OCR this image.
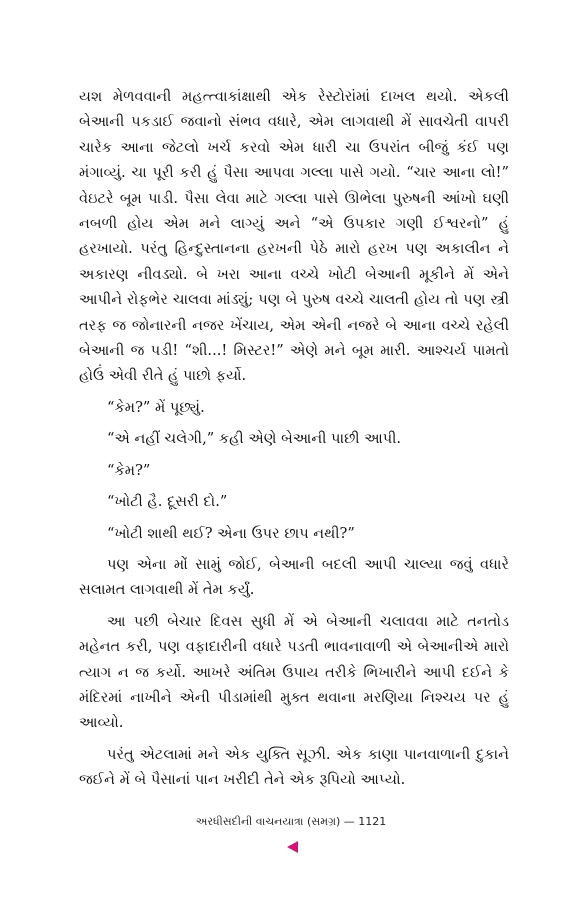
યશ મેળવવાની મહત્ત્વાકાંક્ષાથી એક રેસ્ટોરાંમાં દાખલ થયો. એકલી બેઆની પકડાઈ જવાનો સંભવ વધારે, એમ લાગવાથી મેં સાવચેતી વાપરી ચારેક આના જેટલો ખર્ચ કરવો એમ ધારી ચા ઉપરાંત બીજું કંઈ પણ મંગાવ્યું. ચા પૂરી કરી હું પૈસા આપવા ગલ્લા પાસે ગયો. “ચાર આના લો!” વેઇટરે બૂમ પાડી. પૈસા લેવા માટે ગલ્લા પાસે ઊભેલા પુરુષની આંખો ઘણી નબળી હોય એમ મને લાગ્યું અને “એ ઉપકાર ગણી ઈશ્વરનો” હું હરખાયો. પરંતુ હિન્દુસ્તાનના હરખની પેઠે મારો હરખ પણ અકાલીન ને અકારણ નીવડ્યો. બે ખરા આના વચ્ચે ખોટી બેઆની મૂકીને મેં એને આપીને રોફભેર ચાલવા માંડ્યું; પણ બે પુરુષ વચ્ચે ચાલતી હોય તો પણ સ્ત્રી તરફ જ જોનારની નજર ખેંચાય, એમ એની નજરે બે આના વચ્ચે રહેલી બેઆની જ પડી! “શી...! મિસ્ટર!” એણે મને બૂમ મારી. આશ્ચર્ય પામતો હોઉં એવી રીતે હું પાછો ફર્યો.

“કેમ?” મેં પૂછ્યું.

“એ નહીં ચલેગી,” કહી એણે બેઆની પાછી આપી.

“કેમ?”

“ખોટી હૈ. દૂસરી દો.”

“ખોટી શાથી થઈ? એના ઉપર છાપ નથી?”

પણ એના મોં સામું જોઈ, બેઆની બદલી આપી ચાલ્યા જવું વધારે સલામત લાગવાથી મેં તેમ કર્યું.

આ પછી બેચાર દિવસ સુધી મેં એ બેઆની ચલાવવા માટે તનતોડ મહેનત કરી, પણ વફાદારીની વધારે પડતી ભાવનાવાળી એ બેઆનીએ મારો ત્યાગ ન જ કર્યો. આખરે અંતિમ ઉપાય તરીકે ભિખારીને આપી દઈને કે મંદિરમાં નાખીને એની પીડામાંથી મુક્ત થવાના મરણિયા નિશ્ચય પર હું આવ્યો.

પરંતુ એટલામાં મને એક યુક્તિ સૂઝી. એક કાણા પાનવાળાની દુકાને જઈને મેં બે પૈસાનાં પાન ખરીદી તેને એક રૂપિયો આપ્યો.

અરધીસદીની વાચનયાત્રા (સમગ્ર) — 1121
